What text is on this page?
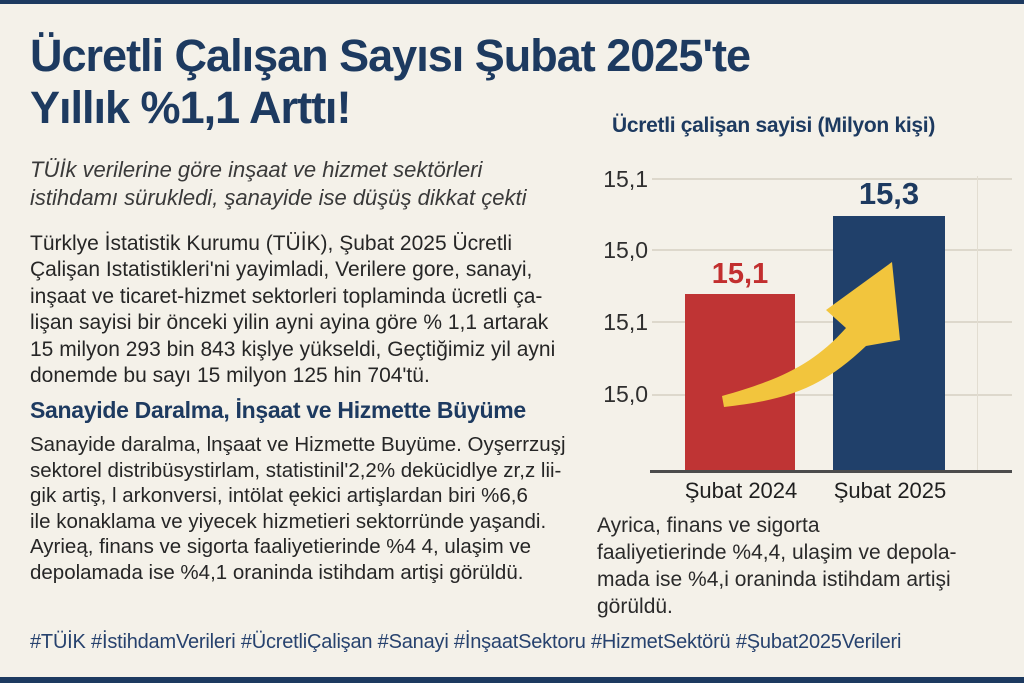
Ücretli Çalışan Sayısı Şubat 2025'te
Yıllık %1,1 Arttı!
TÜİk verilerine göre inşaat ve hizmet sektörleri
istihdamı sürukledi, şanayide ise düşüş dikkat çekti
Türklye İstatistik Kurumu (TÜİK), Şubat 2025 Ücretli
Çalişan Istatistikleri'ni yayimladi, Verilere gore, sanayi,
inşaat ve ticaret-hizmet sektorleri toplaminda ücretli ça-
lişan sayisi bir önceki yilin ayni ayina göre % 1,1 artarak
15 milyon 293 bin 843 kişlye yükseldi, Geçtiğimiz yil ayni
donemde bu sayı 15 milyon 125 hin 704'tü.
Sanayide Daralma, İnşaat ve Hizmette Büyüme
Sanayide daralma, lnşaat ve Hizmette Buyüme. Oyşerrzuşj
sektorel distribüsystirlam, statistinil'2,2% dekücidlye zr,z lii-
gik artiş, l arkonversi, intölat ęekici artişlardan biri %6,6
ile konaklama ve yiyecek hizmetieri sektorründe yaşandi.
Ayrieą, finans ve sigorta faaliyetierinde %4 4, ulaşim ve
depolamada ise %4,1 oraninda istihdam artişi görüldü.
#TÜİK #İstihdamVerileri #ÜcretliÇalişan #Sanayi #İnşaatSektoru #HizmetSektörü #Şubat2025Verileri
Ücretli çalişan sayisi (Milyon kişi)
15,1
15,0
15,1
15,0
15,1
15,3
Şubat 2024	Şubat 2025
Ayrica, finans ve sigorta
faaliyetierinde %4,4, ulaşim ve depola-
mada ise %4,i oraninda istihdam artişi
görüldü.
